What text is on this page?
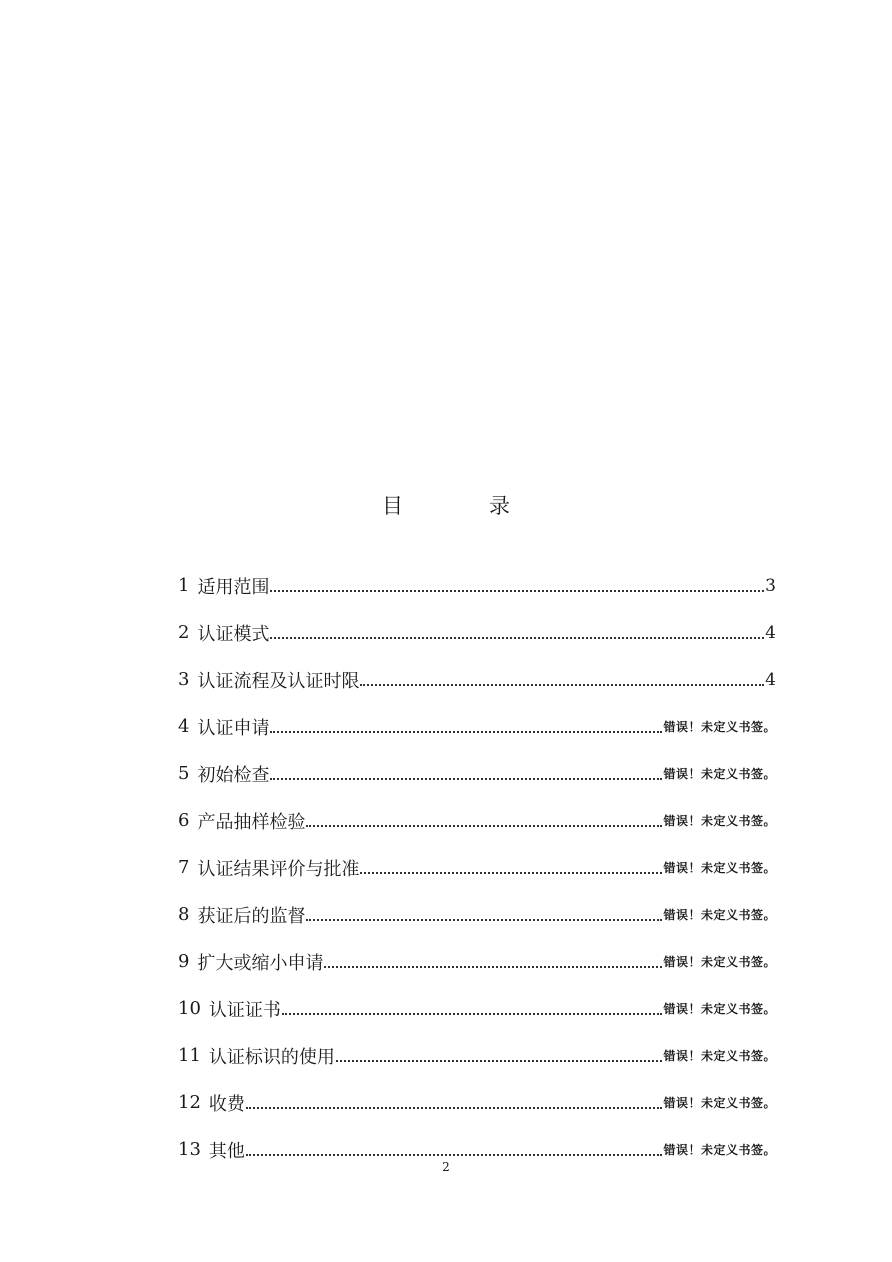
目	录
1 适用范围	3
2 认证模式	4
3 认证流程及认证时限	4
4 认证申请	错误！未定义书签。
5 初始检查	错误！未定义书签。
6 产品抽样检验	错误！未定义书签。
7 认证结果评价与批准	错误！未定义书签。
8 获证后的监督	错误！未定义书签。
9 扩大或缩小申请	错误！未定义书签。
10 认证证书	错误！未定义书签。
11 认证标识的使用	错误！未定义书签。
12 收费	错误！未定义书签。
13 其他	错误！未定义书签。
2
